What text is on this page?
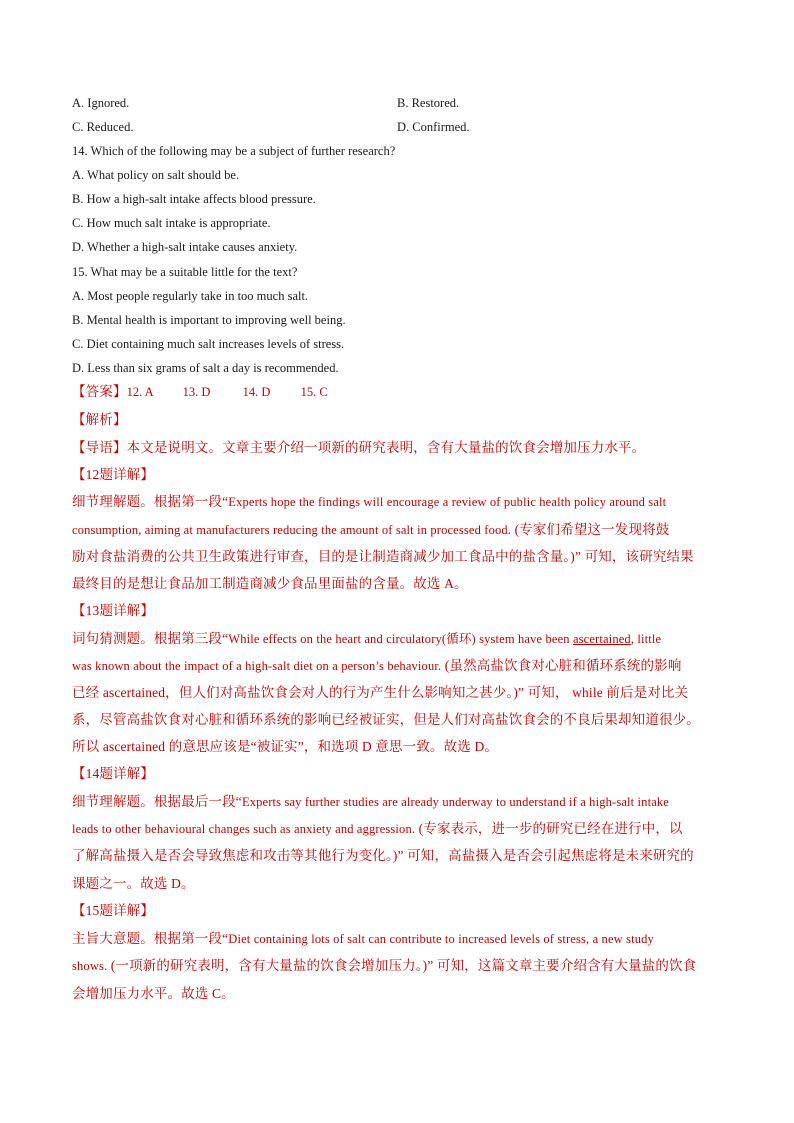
A. Ignored.	B. Restored.
C. Reduced.	D. Confirmed.
14. Which of the following may be a subject of further research?
A. What policy on salt should be.
B. How a high-salt intake affects blood pressure.
C. How much salt intake is appropriate.
D. Whether a high-salt intake causes anxiety.
15. What may be a suitable little for the text?
A. Most people regularly take in too much salt.
B. Mental health is important to improving well being.
C. Diet containing much salt increases levels of stress.
D. Less than six grams of salt a day is recommended.
【答案】12. A 13. D	14. D 15. C
【解析】
【导语】本文是说明文。文章主要介绍一项新的研究表明，含有大量盐的饮食会增加压力水平。
【12题详解】
细节理解题。根据第一段“Experts hope the findings will encourage a review of public health policy around salt
consumption, aiming at manufacturers reducing the amount of salt in processed food. (专家们希望这一发现将鼓
励对食盐消费的公共卫生政策进行审查，目的是让制造商减少加工食品中的盐含量。)” 可知，该研究结果
最终目的是想让食品加工制造商减少食品里面盐的含量。故选 A。
【13题详解】
词句猜测题。根据第三段“While effects on the heart and circulatory(循环) system have been ascertained, little
was known about the impact of a high-salt diet on a person’s behaviour. (虽然高盐饮食对心脏和循环系统的影响
已经 ascertained，但人们对高盐饮食会对人的行为产生什么影响知之甚少。)” 可知， while 前后是对比关
系，尽管高盐饮食对心脏和循环系统的影响已经被证实，但是人们对高盐饮食会的不良后果却知道很少。
所以 ascertained 的意思应该是“被证实”，和选项 D 意思一致。故选 D。
【14题详解】
细节理解题。根据最后一段“Experts say further studies are already underway to understand if a high-salt intake
leads to other behavioural changes such as anxiety and aggression. (专家表示，进一步的研究已经在进行中，以
了解高盐摄入是否会导致焦虑和攻击等其他行为变化。)” 可知，高盐摄入是否会引起焦虑将是未来研究的
课题之一。故选 D。
【15题详解】
主旨大意题。根据第一段“Diet containing lots of salt can contribute to increased levels of stress, a new study
shows. (一项新的研究表明，含有大量盐的饮食会增加压力。)” 可知，这篇文章主要介绍含有大量盐的饮食
会增加压力水平。故选 C。
